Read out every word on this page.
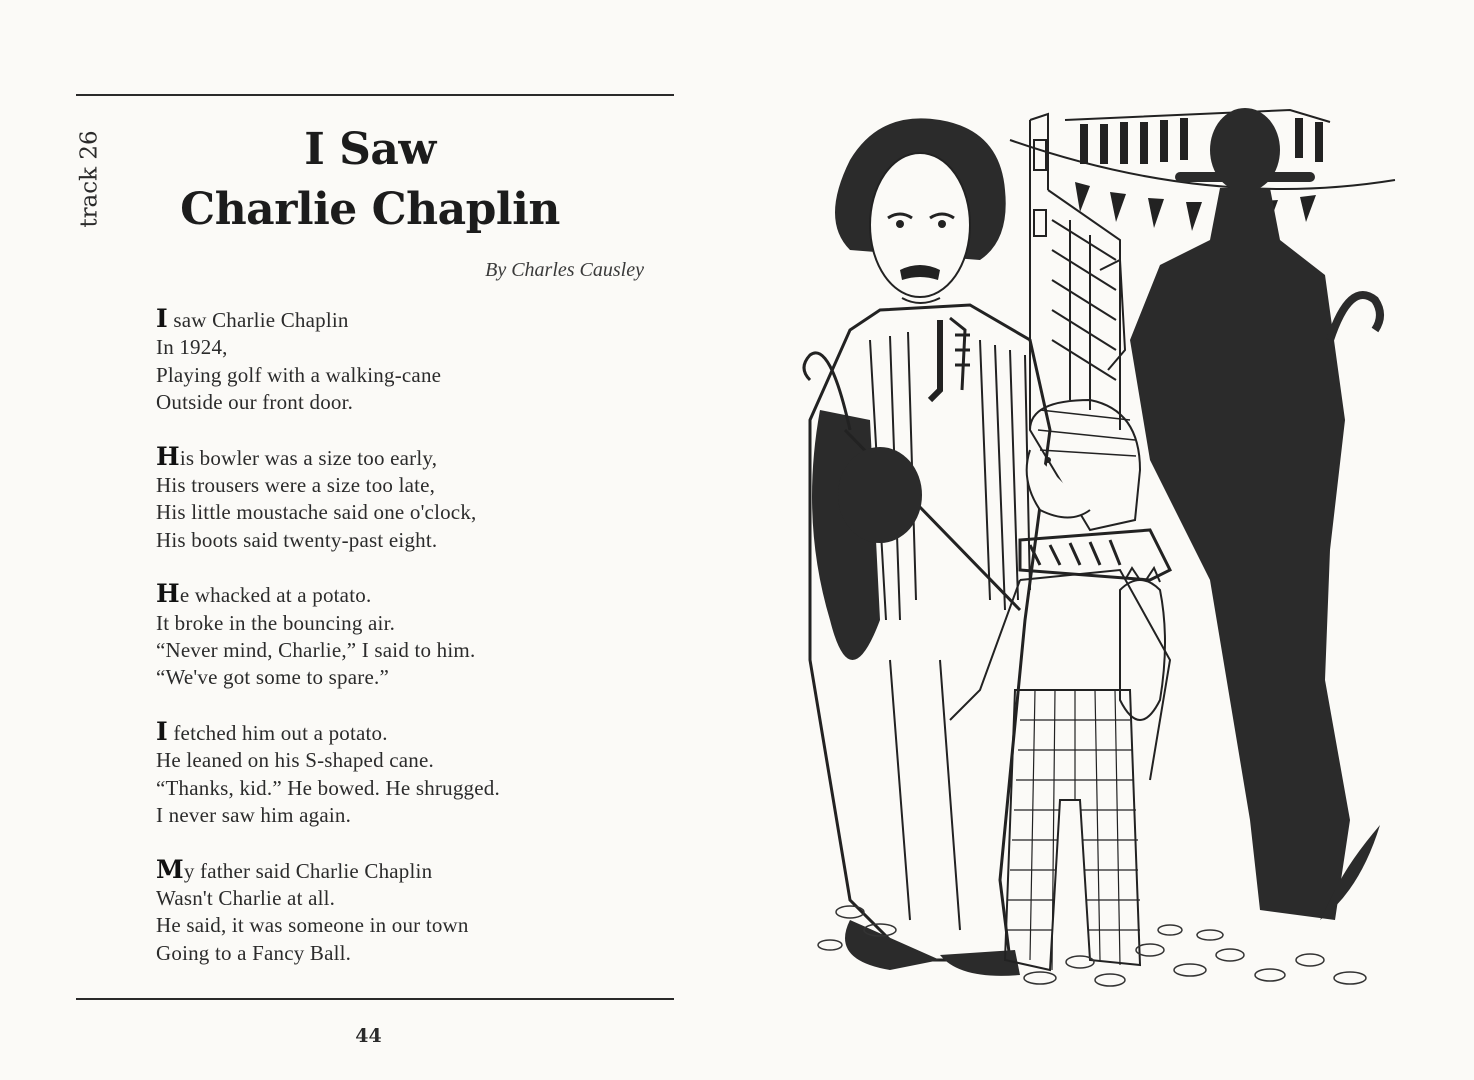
track 26	I Saw
Charlie Chaplin
By Charles Causley
I saw Charlie Chaplin
In 1924,
Playing golf with a walking-cane
Outside our front door.
His bowler was a size too early,
His trousers were a size too late,
His little moustache said one o'clock,
His boots said twenty-past eight.
He whacked at a potato.
It broke in the bouncing air.
“Never mind, Charlie,” I said to him.
“We've got some to spare.”
I fetched him out a potato.
He leaned on his S-shaped cane.
“Thanks, kid.” He bowed. He shrugged.
I never saw him again.
My father said Charlie Chaplin
Wasn't Charlie at all.
He said, it was someone in our town
Going to a Fancy Ball.
44
